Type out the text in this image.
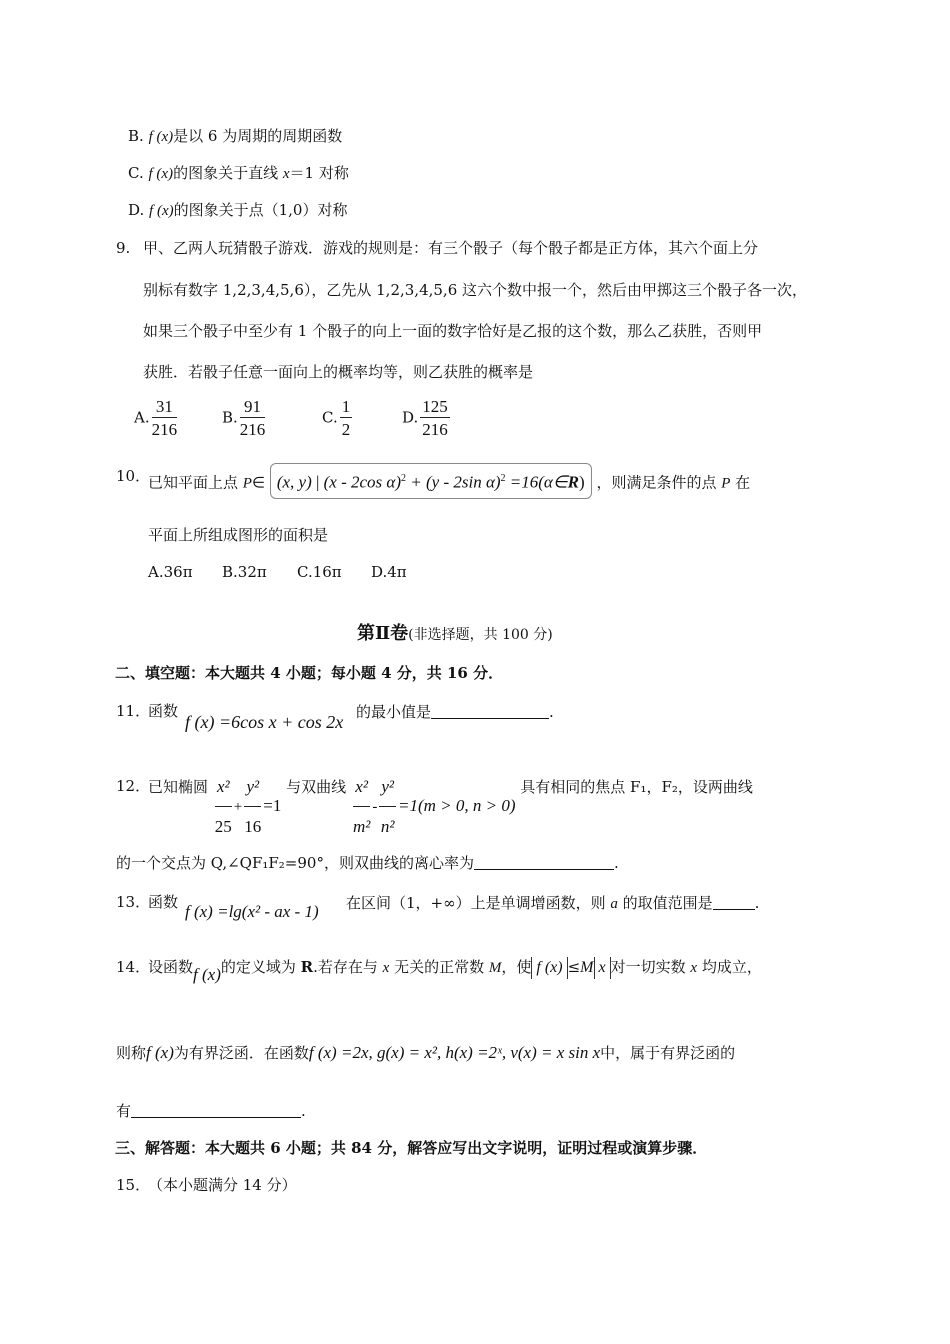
B. f (x)是以 6 为周期的周期函数
C. f (x)的图象关于直线 x＝1 对称
D. f (x)的图象关于点（1,0）对称
9. 甲、乙两人玩猜骰子游戏．游戏的规则是：有三个骰子（每个骰子都是正方体，其六个面上分
别标有数字 1,2,3,4,5,6），乙先从 1,2,3,4,5,6 这六个数中报一个，然后由甲掷这三个骰子各一次，
如果三个骰子中至少有 1 个骰子的向上一面的数字恰好是乙报的这个数，那么乙获胜，否则甲
获胜．若骰子任意一面向上的概率均等，则乙获胜的概率是
A. $\frac{31}{216}$	B. $\frac{91}{216}$	C. $\frac{1}{2}$	D. $\frac{125}{216}$
10．
已知平面上点 P∈ (x, y) | (x - 2cos α)$^2$ + (y - 2sin α)$^2$ =16(α∈R) ，则满足条件的点 P 在
平面上所组成图形的面积是
A.36π B.32π C.16π D.4π
第Ⅱ卷(非选择题，共 100 分)
二、填空题：本大题共 4 小题；每小题 4 分，共 16 分．
11．
函数
f (x) =6cos x + cos 2x 的最小值是	.
12．
已知椭圆 $\frac{\text{x²}}{25} + \frac{\text{y²}}{16} =1$ 与双曲线 $\frac{\text{x²}}{\text{m²}} - \frac{\text{y²}}{\text{n²}} =1(m > 0$, n > 0) 具有相同的焦点 F₁，F₂，设两曲线
的一个交点为 Q,∠QF₁F₂=90°，则双曲线的离心率为	.
13．
函数 f (x) =lg(x² - ax - 1) 在区间（1，+∞）上是单调增函数，则 a 的取值范围是	.
14．
设函数f (x)的定义域为 R.若存在与 x 无关的正常数 M，使 f (x) ≤M x 对一切实数 x 均成立，
则称f (x)为有界泛函．在函数f (x) =2x, g(x) = x², h(x) =2ˣ, v(x) = x sin x中，属于有界泛函的
有	.
三、解答题：本大题共 6 小题；共 84 分，解答应写出文字说明，证明过程或演算步骤．
15．
（本小题满分 14 分）
